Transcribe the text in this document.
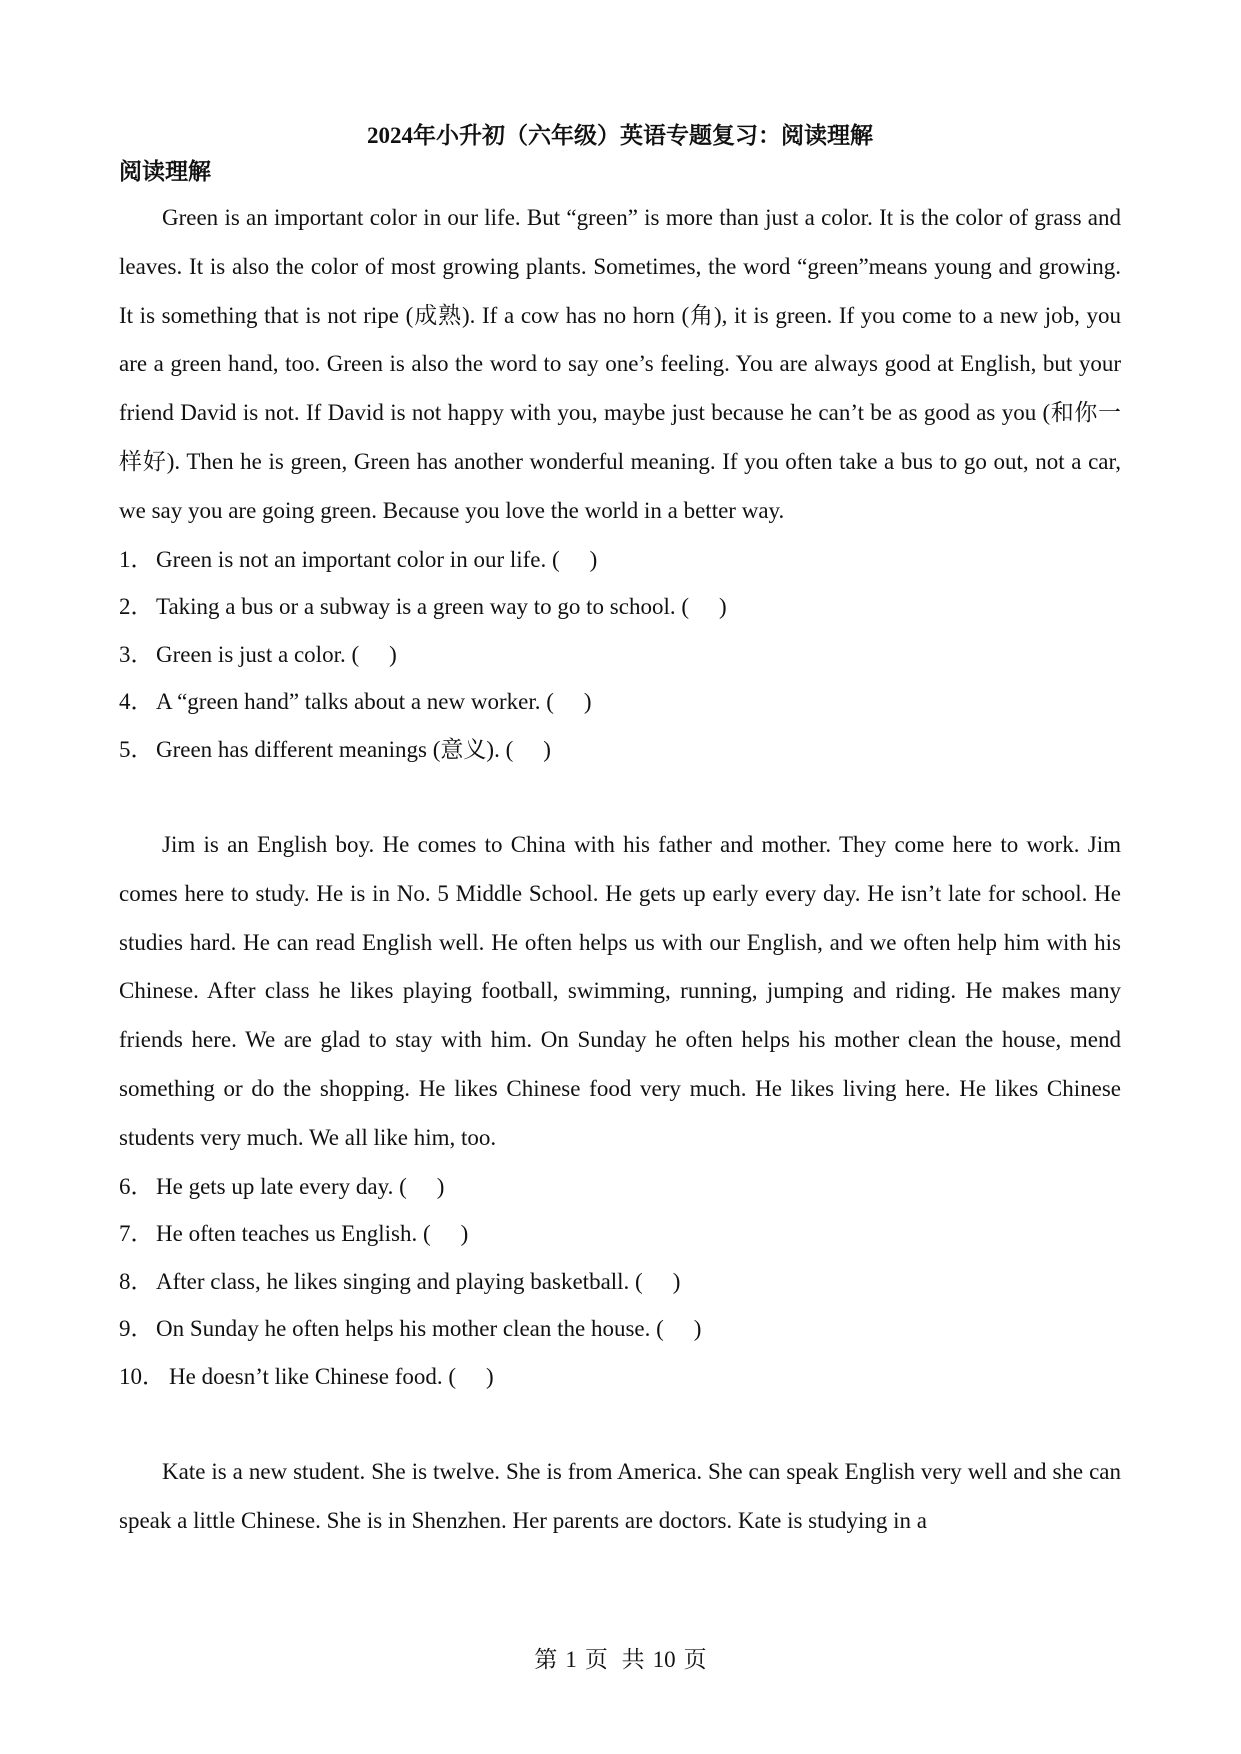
2024年小升初（六年级）英语专题复习：阅读理解
阅读理解

Green is an important color in our life. But “green” is more than just a color. It is the color of grass and leaves. It is also the color of most growing plants. Sometimes, the word “green”means young and growing. It is something that is not ripe (成熟). If a cow has no horn (角), it is green. If you come to a new job, you are a green hand, too. Green is also the word to say one’s feeling. You are always good at English, but your friend David is not. If David is not happy with you, maybe just because he can’t be as good as you (和你一样好). Then he is green, Green has another wonderful meaning. If you often take a bus to go out, not a car, we say you are going green. Because you love the world in a better way.

1． Green is not an important color in our life. ( )
2． Taking a bus or a subway is a green way to go to school. ( )
3． Green is just a color. ( )
4． A “green hand” talks about a new worker. ( )
5． Green has different meanings (意义). ( )

Jim is an English boy. He comes to China with his father and mother. They come here to work. Jim comes here to study. He is in No. 5 Middle School. He gets up early every day. He isn’t late for school. He studies hard. He can read English well. He often helps us with our English, and we often help him with his Chinese. After class he likes playing football, swimming, running, jumping and riding. He makes many friends here. We are glad to stay with him. On Sunday he often helps his mother clean the house, mend something or do the shopping. He likes Chinese food very much. He likes living here. He likes Chinese students very much. We all like him, too.

6． He gets up late every day. ( )
7． He often teaches us English. ( )
8． After class, he likes singing and playing basketball. ( )
9． On Sunday he often helps his mother clean the house. ( )
10． He doesn’t like Chinese food. ( )

Kate is a new student. She is twelve. She is from America. She can speak English very well and she can speak a little Chinese. She is in Shenzhen. Her parents are doctors. Kate is studying in a

第 1 页 共 10 页
